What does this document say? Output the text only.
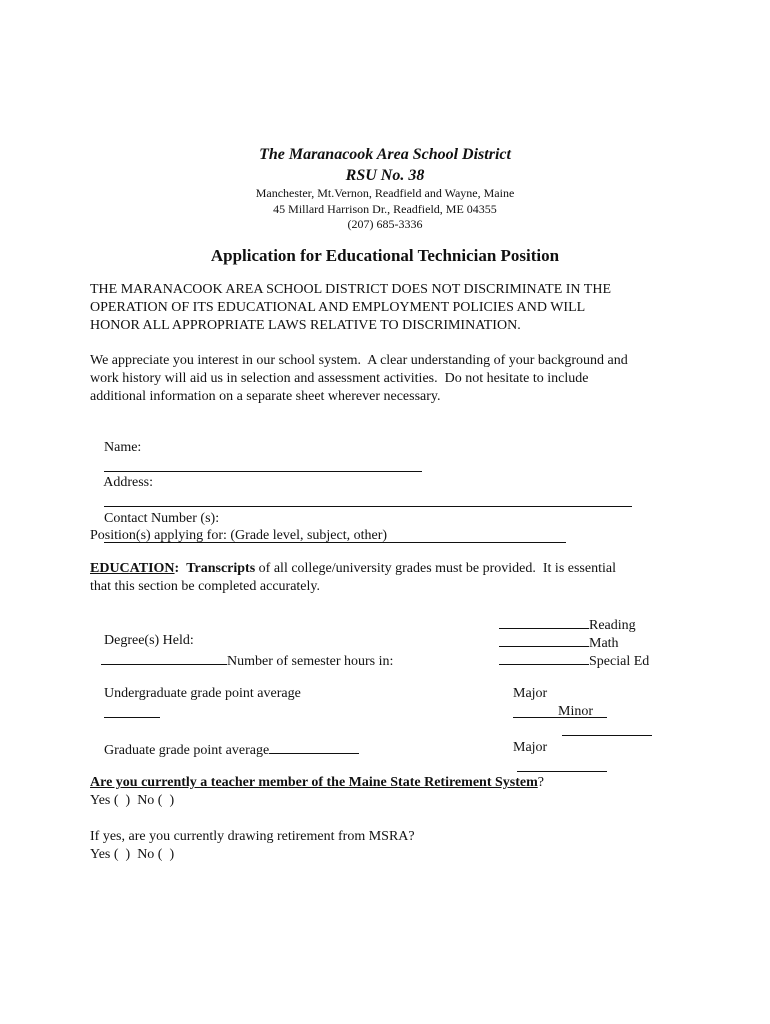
The Maranacook Area School District
RSU No. 38
Manchester, Mt.Vernon, Readfield and Wayne, Maine
45 Millard Harrison Dr., Readfield, ME 04355
(207) 685-3336
Application for Educational Technician Position
THE MARANACOOK AREA SCHOOL DISTRICT DOES NOT DISCRIMINATE IN THE
OPERATION OF ITS EDUCATIONAL AND EMPLOYMENT POLICIES AND WILL
HONOR ALL APPROPRIATE LAWS RELATIVE TO DISCRIMINATION.
We appreciate you interest in our school system.  A clear understanding of your background and
work history will aid us in selection and assessment activities.  Do not hesitate to include
additional information on a separate sheet wherever necessary.

Name:

Address:

Contact Number (s):

Position(s) applying for: (Grade level, subject, other)
EDUCATION: Transcripts of all college/university grades must be provided.  It is essential
that this section be completed accurately.

Degree(s) Held:
Number of semester hours in:

Reading
Math
Special Ed

Undergraduate grade point average

	Major

Minor

Graduate grade point average
	Major

Are you currently a teacher member of the Maine State Retirement System?
Yes (  )  No (  )
If yes, are you currently drawing retirement from MSRA?
Yes (  )  No (  )
